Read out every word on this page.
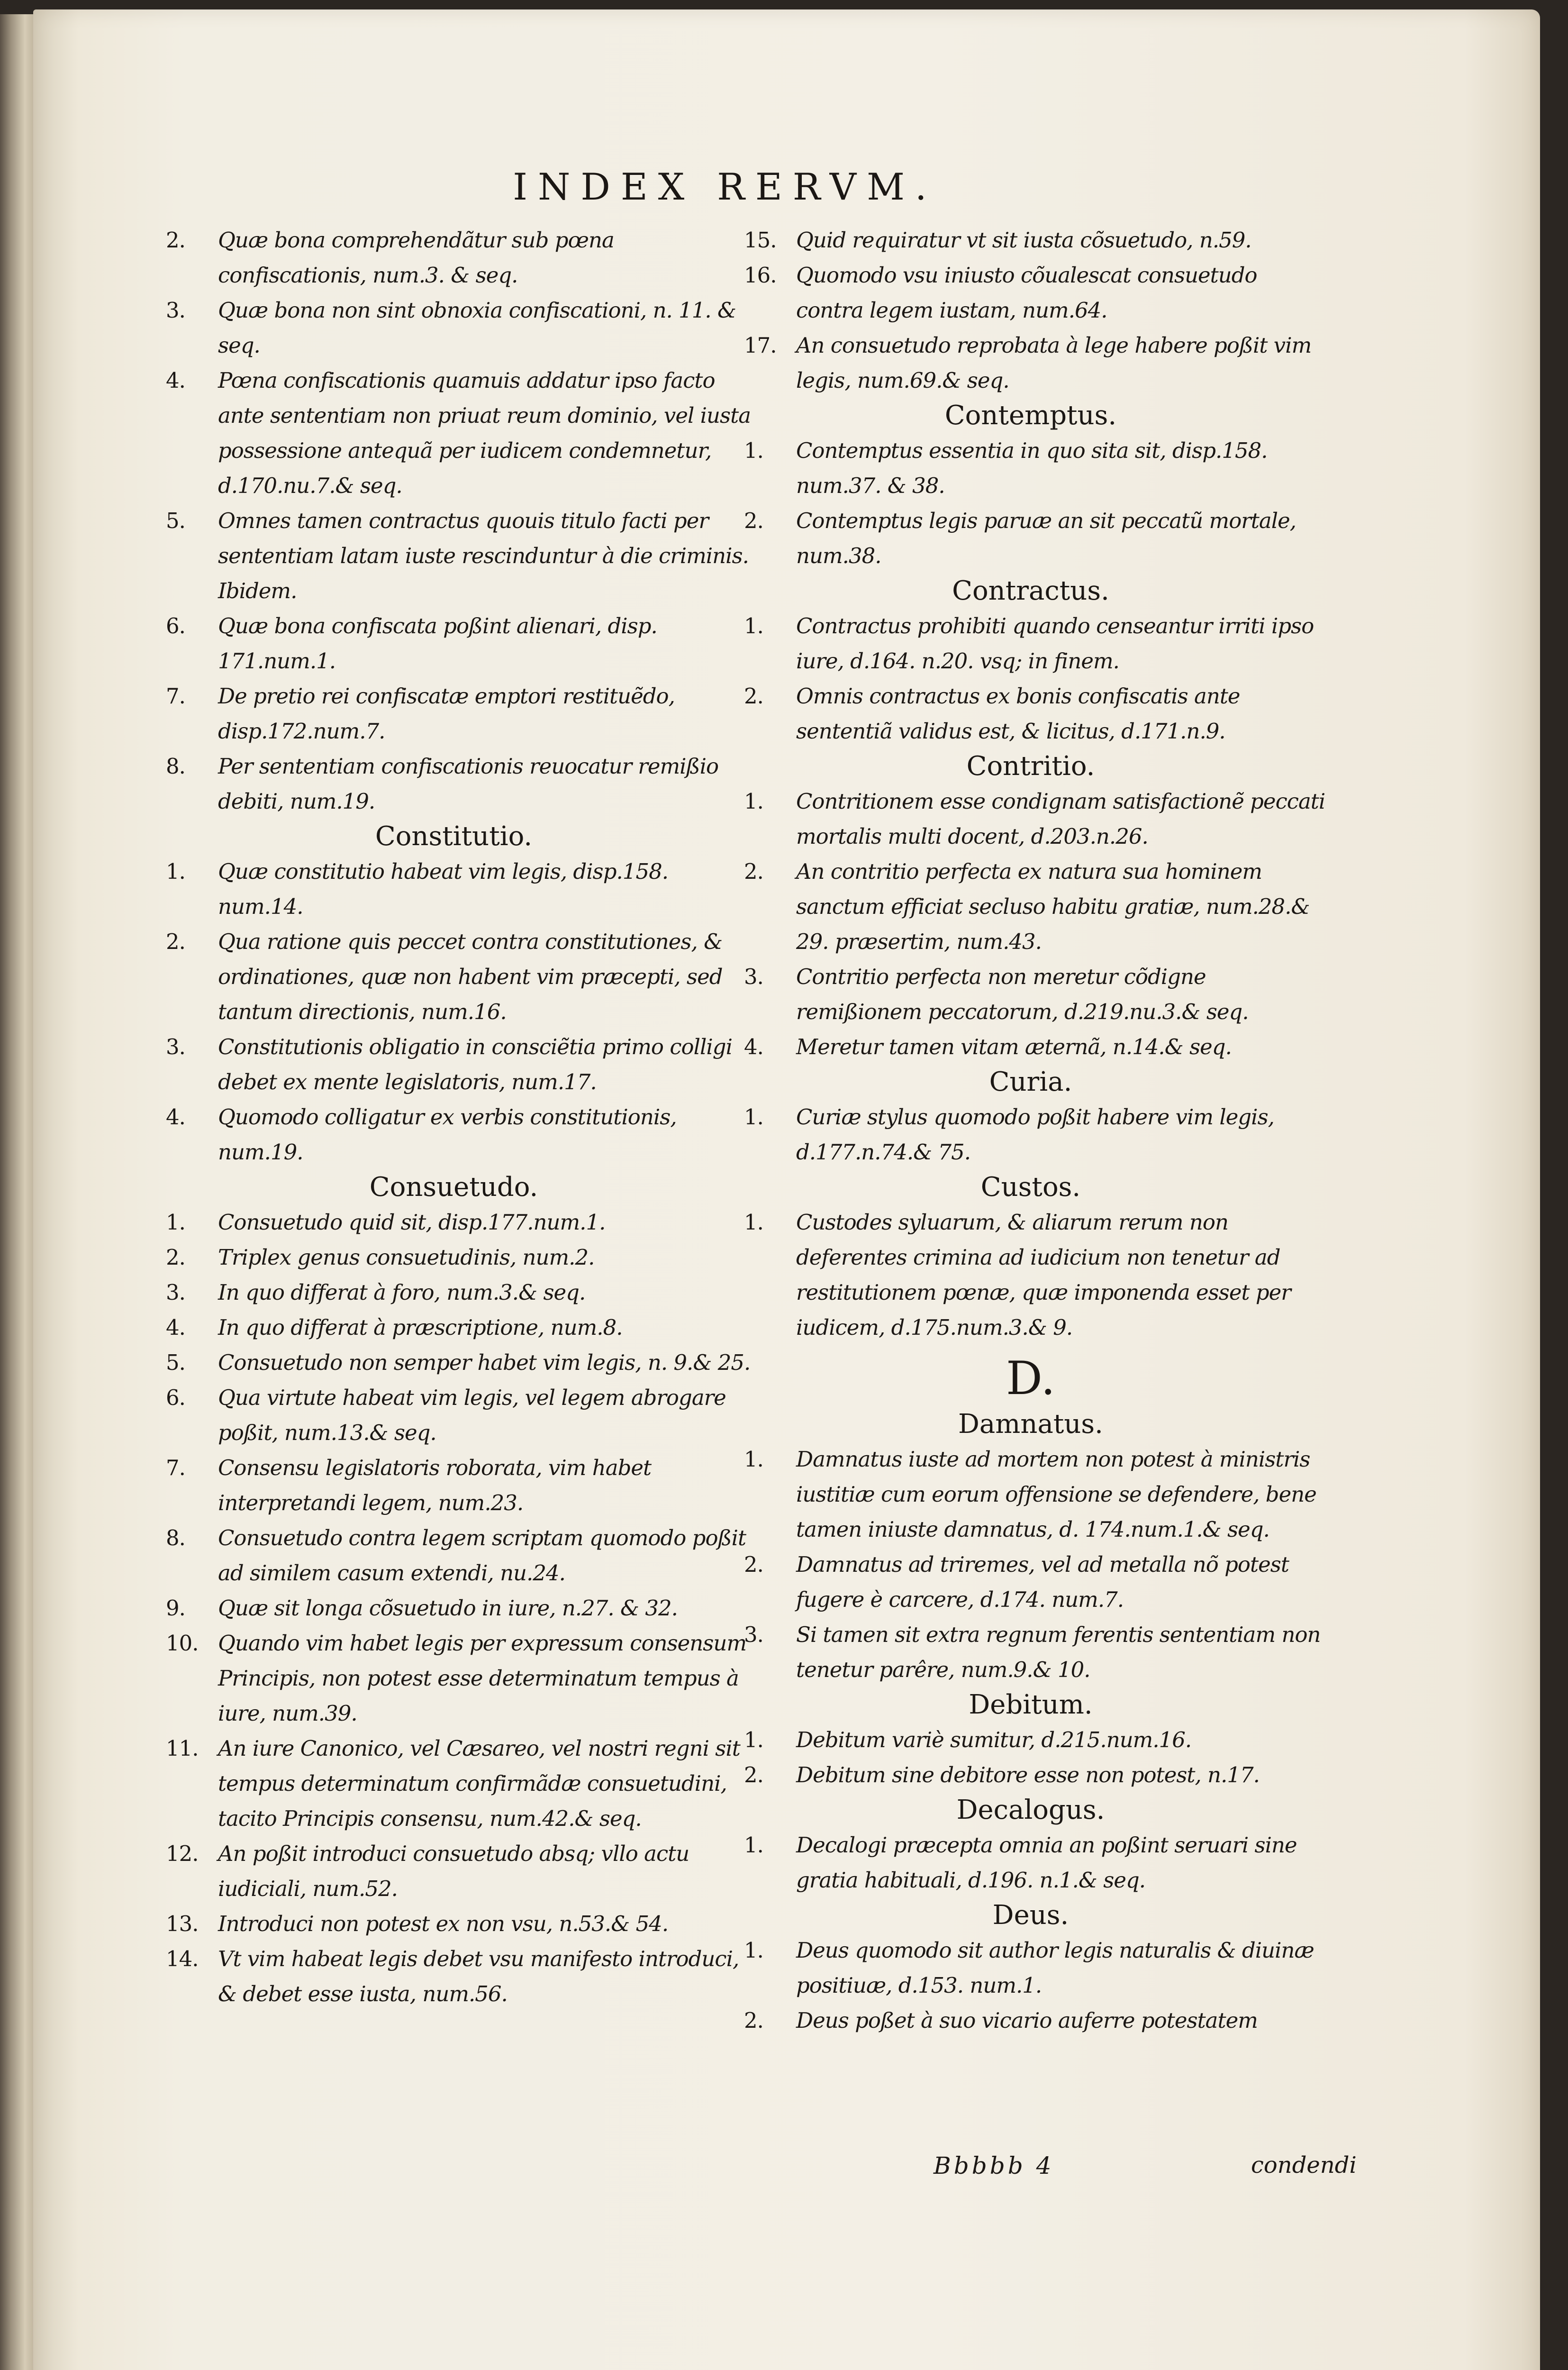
INDEX RERVM.
2. Quæ bona comprehendãtur sub pœna confiscationis, num.3. & seq.
3. Quæ bona non sint obnoxia confiscationi, n. 11. & seq.
4. Pœna confiscationis quamuis addatur ipso facto ante sententiam non priuat reum dominio, vel iusta possessione antequã per iudicem condemnetur, d.170.nu.7.& seq.
5. Omnes tamen contractus quouis titulo facti per sententiam latam iuste rescinduntur à die criminis. Ibidem.
6. Quæ bona confiscata poßint alienari, disp. 171.num.1.
7. De pretio rei confiscatæ emptori restituẽdo, disp.172.num.7.
8. Per sententiam confiscationis reuocatur remißio debiti, num.19.
Constitutio.
1. Quæ constitutio habeat vim legis, disp.158. num.14.
2. Qua ratione quis peccet contra constitutiones, & ordinationes, quæ non habent vim præcepti, sed tantum directionis, num.16.
3. Constitutionis obligatio in consciẽtia primo colligi debet ex mente legislatoris, num.17.
4. Quomodo colligatur ex verbis constitutionis, num.19.
Consuetudo.
1. Consuetudo quid sit, disp.177.num.1.
2. Triplex genus consuetudinis, num.2.
3. In quo differat à foro, num.3.& seq.
4. In quo differat à præscriptione, num.8.
5. Consuetudo non semper habet vim legis, n. 9.& 25.
6. Qua virtute habeat vim legis, vel legem abrogare poßit, num.13.& seq.
7. Consensu legislatoris roborata, vim habet interpretandi legem, num.23.
8. Consuetudo contra legem scriptam quomodo poßit ad similem casum extendi, nu.24.
9. Quæ sit longa cõsuetudo in iure, n.27. & 32.
10. Quando vim habet legis per expressum consensum Principis, non potest esse determinatum tempus à iure, num.39.
11. An iure Canonico, vel Cæsareo, vel nostri regni sit tempus determinatum confirmãdæ consuetudini, tacito Principis consensu, num.42.& seq.
12. An poßit introduci consuetudo absq; vllo actu iudiciali, num.52.
13. Introduci non potest ex non vsu, n.53.& 54.
14. Vt vim habeat legis debet vsu manifesto introduci, & debet esse iusta, num.56.
15. Quid requiratur vt sit iusta cõsuetudo, n.59.
16. Quomodo vsu iniusto cõualescat consuetudo contra legem iustam, num.64.
17. An consuetudo reprobata à lege habere poßit vim legis, num.69.& seq.
Contemptus.
1. Contemptus essentia in quo sita sit, disp.158. num.37. & 38.
2. Contemptus legis paruæ an sit peccatũ mortale, num.38.
Contractus.
1. Contractus prohibiti quando censeantur irriti ipso iure, d.164. n.20. vsq; in finem.
2. Omnis contractus ex bonis confiscatis ante sententiã validus est, & licitus, d.171.n.9.
Contritio.
1. Contritionem esse condignam satisfactionẽ peccati mortalis multi docent, d.203.n.26.
2. An contritio perfecta ex natura sua hominem sanctum efficiat secluso habitu gratiæ, num.28.& 29. præsertim, num.43.
3. Contritio perfecta non meretur cõdigne remißionem peccatorum, d.219.nu.3.& seq.
4. Meretur tamen vitam æternã, n.14.& seq.
Curia.
1. Curiæ stylus quomodo poßit habere vim legis, d.177.n.74.& 75.
Custos.
1. Custodes syluarum, & aliarum rerum non deferentes crimina ad iudicium non tenetur ad restitutionem pœnæ, quæ imponenda esset per iudicem, d.175.num.3.& 9.
D.
Damnatus.
1. Damnatus iuste ad mortem non potest à ministris iustitiæ cum eorum offensione se defendere, bene tamen iniuste damnatus, d. 174.num.1.& seq.
2. Damnatus ad triremes, vel ad metalla nõ potest fugere è carcere, d.174. num.7.
3. Si tamen sit extra regnum ferentis sententiam non tenetur parêre, num.9.& 10.
Debitum.
1. Debitum variè sumitur, d.215.num.16.
2. Debitum sine debitore esse non potest, n.17.
Decalogus.
1. Decalogi præcepta omnia an poßint seruari sine gratia habituali, d.196. n.1.& seq.
Deus.
1. Deus quomodo sit author legis naturalis & diuinæ positiuæ, d.153. num.1.
2. Deus poßet à suo vicario auferre potestatem
Bbbbb 4	condendi
